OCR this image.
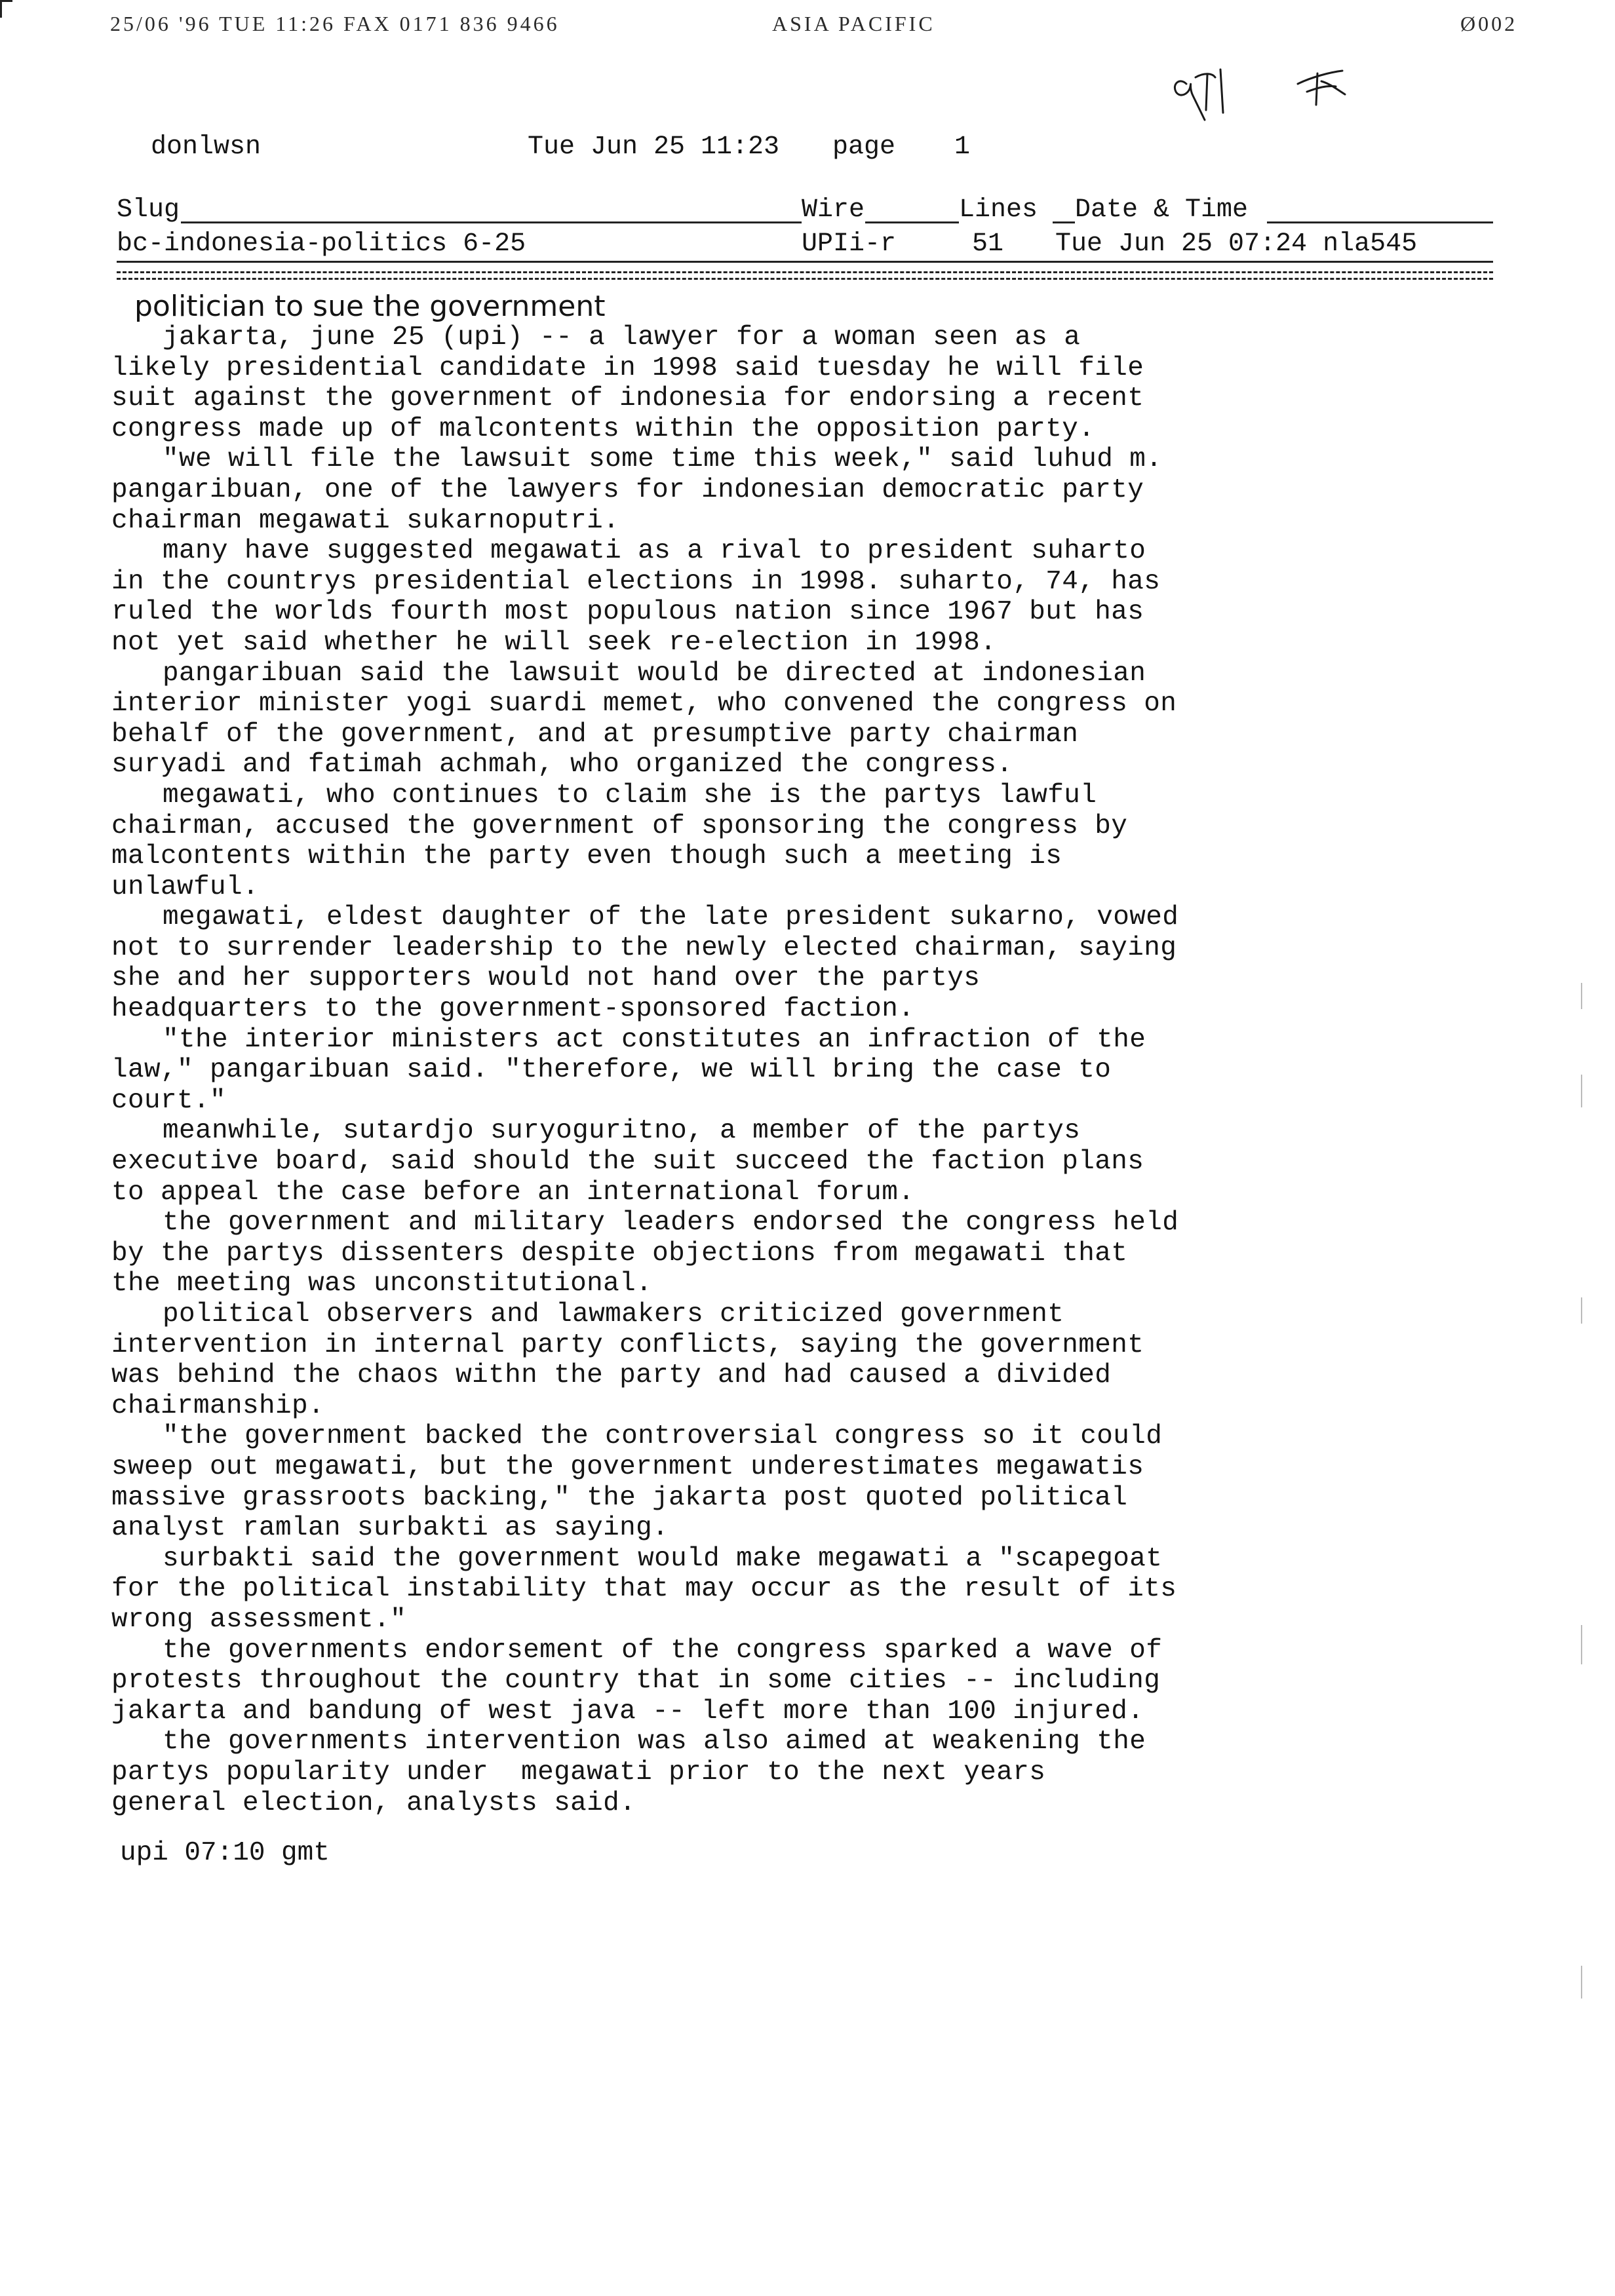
25/06 '96 TUE 11:26 FAX 0171 836 9466	ASIA PACIFIC	Ø002
donlwsn	Tue Jun 25 11:23 page 1
Slug	Wire	Lines Date & Time
bc-indonesia-politics 6-25	UPIi-r	51 Tue Jun 25 07:24 nla545
politician to sue the government
jakarta, june 25 (upi) -- a lawyer for a woman seen as a
likely presidential candidate in 1998 said tuesday he will file
suit against the government of indonesia for endorsing a recent
congress made up of malcontents within the opposition party.
"we will file the lawsuit some time this week," said luhud m.
pangaribuan, one of the lawyers for indonesian democratic party
chairman megawati sukarnoputri.
many have suggested megawati as a rival to president suharto
in the countrys presidential elections in 1998. suharto, 74, has
ruled the worlds fourth most populous nation since 1967 but has
not yet said whether he will seek re-election in 1998.
pangaribuan said the lawsuit would be directed at indonesian
interior minister yogi suardi memet, who convened the congress on
behalf of the government, and at presumptive party chairman
suryadi and fatimah achmah, who organized the congress.
megawati, who continues to claim she is the partys lawful
chairman, accused the government of sponsoring the congress by
malcontents within the party even though such a meeting is
unlawful.
megawati, eldest daughter of the late president sukarno, vowed
not to surrender leadership to the newly elected chairman, saying
she and her supporters would not hand over the partys
headquarters to the government-sponsored faction.
"the interior ministers act constitutes an infraction of the
law," pangaribuan said. "therefore, we will bring the case to
court."
meanwhile, sutardjo suryoguritno, a member of the partys
executive board, said should the suit succeed the faction plans
to appeal the case before an international forum.
the government and military leaders endorsed the congress held
by the partys dissenters despite objections from megawati that
the meeting was unconstitutional.
political observers and lawmakers criticized government
intervention in internal party conflicts, saying the government
was behind the chaos withn the party and had caused a divided
chairmanship.
"the government backed the controversial congress so it could
sweep out megawati, but the government underestimates megawatis
massive grassroots backing," the jakarta post quoted political
analyst ramlan surbakti as saying.
surbakti said the government would make megawati a "scapegoat
for the political instability that may occur as the result of its
wrong assessment."
the governments endorsement of the congress sparked a wave of
protests throughout the country that in some cities -- including
jakarta and bandung of west java -- left more than 100 injured.
the governments intervention was also aimed at weakening the
partys popularity under  megawati prior to the next years
general election, analysts said.
upi 07:10 gmt
